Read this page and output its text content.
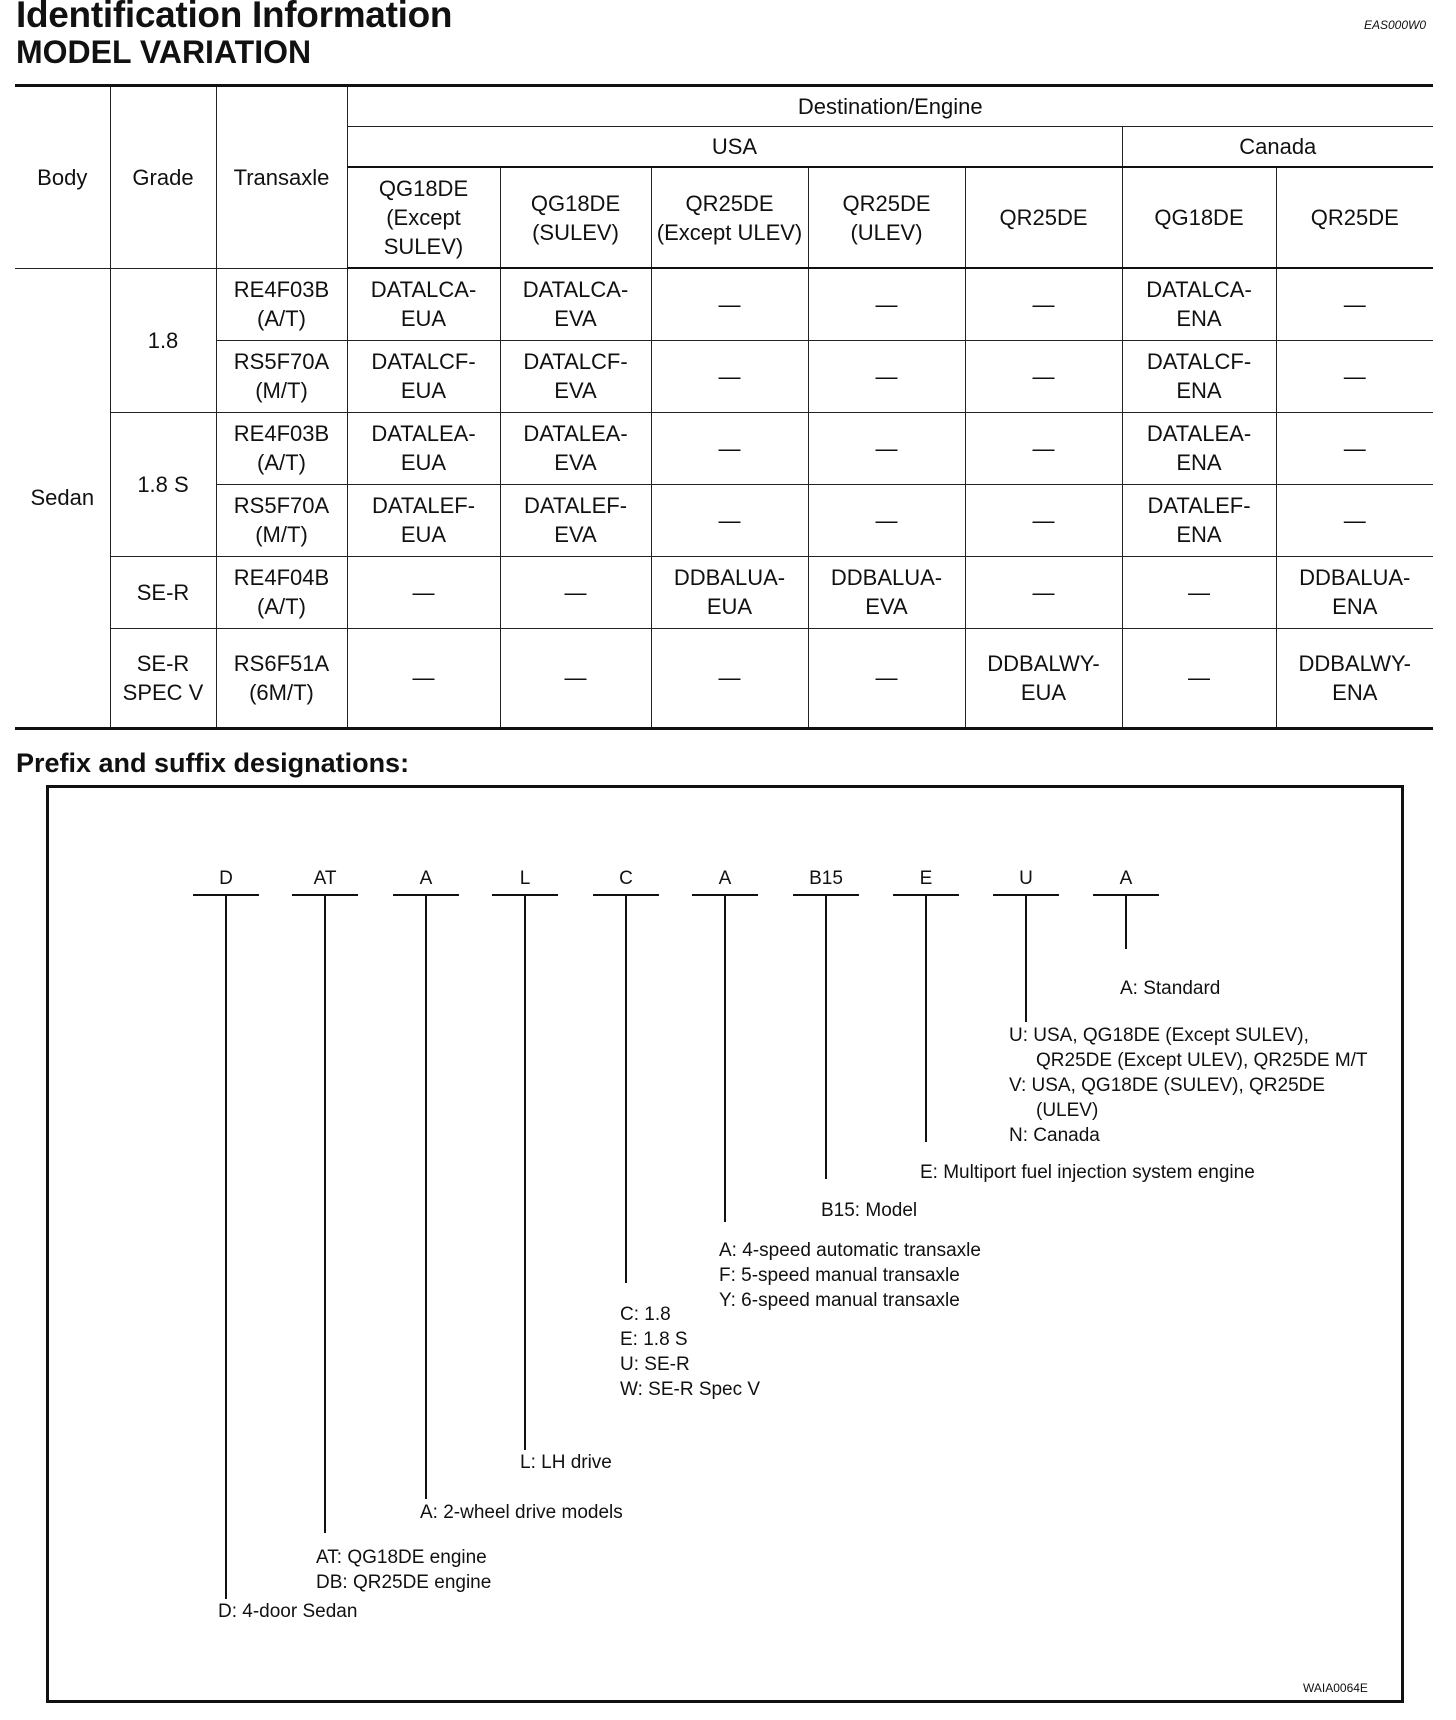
Identification Information
MODEL VARIATION
EAS000W0
Body	Grade	Transaxle	Destination/Engine						
			USA					Canada	
			QG18DE (Except SULEV)	QG18DE (SULEV)	QR25DE (Except ULEV)	QR25DE (ULEV)	QR25DE	QG18DE	QR25DE
Sedan	1.8	RE4F03B (A/T)	DATALCA-EUA	DATALCA-EVA	—	—	—	DATALCA-ENA	—
		RS5F70A (M/T)	DATALCF-EUA	DATALCF-EVA	—	—	—	DATALCF-ENA	—
	1.8 S	RE4F03B (A/T)	DATALEA-EUA	DATALEA-EVA	—	—	—	DATALEA-ENA	—
		RS5F70A (M/T)	DATALEF-EUA	DATALEF-EVA	—	—	—	DATALEF-ENA	—
	SE-R	RE4F04B (A/T)	—	—	DDBALUA-EUA	DDBALUA-EVA	—	—	DDBALUA-ENA
	SE-R SPEC V	RS6F51A (6M/T)	—	—	—	—	DDBALWY-EUA	—	DDBALWY-ENA
Prefix and suffix designations:
D	AT	A	L	C	A	B15	E	U	A
D: 4-door Sedan
AT: QG18DE engine
DB: QR25DE engine
A: 2-wheel drive models
L: LH drive
C: 1.8
E: 1.8 S
U: SE-R
W: SE-R Spec V
A: 4-speed automatic transaxle
F: 5-speed manual transaxle
Y: 6-speed manual transaxle
B15: Model
E: Multiport fuel injection system engine
U: USA, QG18DE (Except SULEV),
QR25DE (Except ULEV), QR25DE M/T
V: USA, QG18DE (SULEV), QR25DE
(ULEV)
N: Canada
A: Standard
WAIA0064E
